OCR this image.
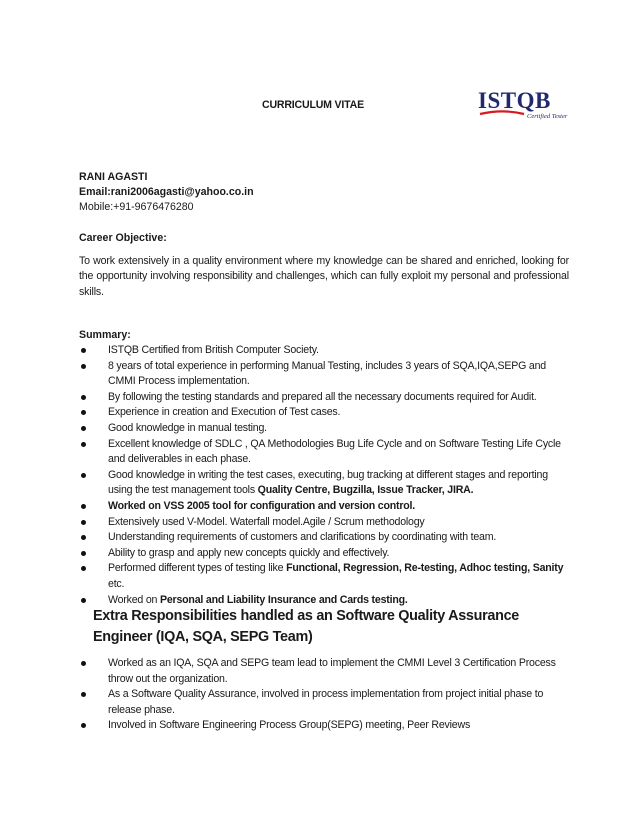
CURRICULUM VITAE	ISTQB
Certified Tester
RANI AGASTI
Email:rani2006agasti@yahoo.co.in
Mobile:+91-9676476280
Career Objective:
To work extensively in a quality environment where my knowledge can be shared and enriched, looking for the opportunity involving responsibility and challenges, which can fully exploit my personal and professional skills.
Summary:
ISTQB Certified from British Computer Society.
8 years of total experience in performing Manual Testing, includes 3 years of SQA,IQA,SEPG and CMMI Process implementation.
By following the testing standards and prepared all the necessary documents required for Audit.
Experience in creation and Execution of Test cases.
Good knowledge in manual testing.
Excellent knowledge of SDLC , QA Methodologies Bug Life Cycle and on Software Testing Life Cycle and deliverables in each phase.
Good knowledge in writing the test cases, executing, bug tracking at different stages and reporting using the test management tools Quality Centre, Bugzilla, Issue Tracker, JIRA.
Worked on VSS 2005 tool for configuration and version control.
Extensively used V-Model. Waterfall model.Agile / Scrum methodology
Understanding requirements of customers and clarifications by coordinating with team.
Ability to grasp and apply new concepts quickly and effectively.
Performed different types of testing like Functional, Regression, Re-testing, Adhoc testing, Sanity etc.
Worked on Personal and Liability Insurance and Cards testing.
Extra Responsibilities handled as an Software Quality Assurance Engineer (IQA, SQA, SEPG Team)
Worked as an IQA, SQA and SEPG team lead to implement the CMMI Level 3 Certification Process throw out the organization.
As a Software Quality Assurance, involved in process implementation from project initial phase to release phase.
Involved in Software Engineering Process Group(SEPG) meeting, Peer Reviews
